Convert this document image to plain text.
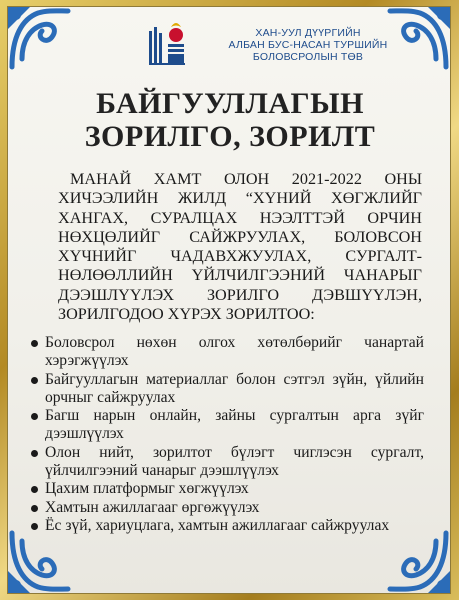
ХАН-УУЛ ДҮҮРГИЙН
АЛБАН БУС-НАСАН ТУРШИЙН
БОЛОВСРОЛЫН ТӨВ
БАЙГУУЛЛАГЫН
ЗОРИЛГО, ЗОРИЛТ
МАНАЙ ХАМТ ОЛОН 2021-2022 ОНЫ ХИЧЭЭЛИЙН ЖИЛД “ХҮНИЙ ХӨГЖЛИЙГ ХАНГАХ, СУРАЛЦАХ НЭЭЛТТЭЙ ОРЧИН НӨХЦӨЛИЙГ САЙЖРУУЛАХ, БОЛОВСОН ХҮЧНИЙГ ЧАДАВХЖУУЛАХ, СУРГАЛТ-НӨЛӨӨЛЛИЙН ҮЙЛЧИЛГЭЭНИЙ ЧАНАРЫГ ДЭЭШЛҮҮЛЭХ ЗОРИЛГО ДЭВШҮҮЛЭН, ЗОРИЛГОДОО ХҮРЭХ ЗОРИЛТОО:
Боловсрол нөхөн олгох хөтөлбөрийг чанартай хэрэгжүүлэх
Байгууллагын материаллаг болон сэтгэл зүйн, үйлийн орчныг сайжруулах
Багш нарын онлайн, зайны сургалтын арга зүйг дээшлүүлэх
Олон нийт, зорилтот бүлэгт чиглэсэн сургалт, үйлчилгээний чанарыг дээшлүүлэх
Цахим платформыг хөгжүүлэх
Хамтын ажиллагааг өргөжүүлэх
Ёс зүй, хариуцлага, хамтын ажиллагааг сайжруулах
